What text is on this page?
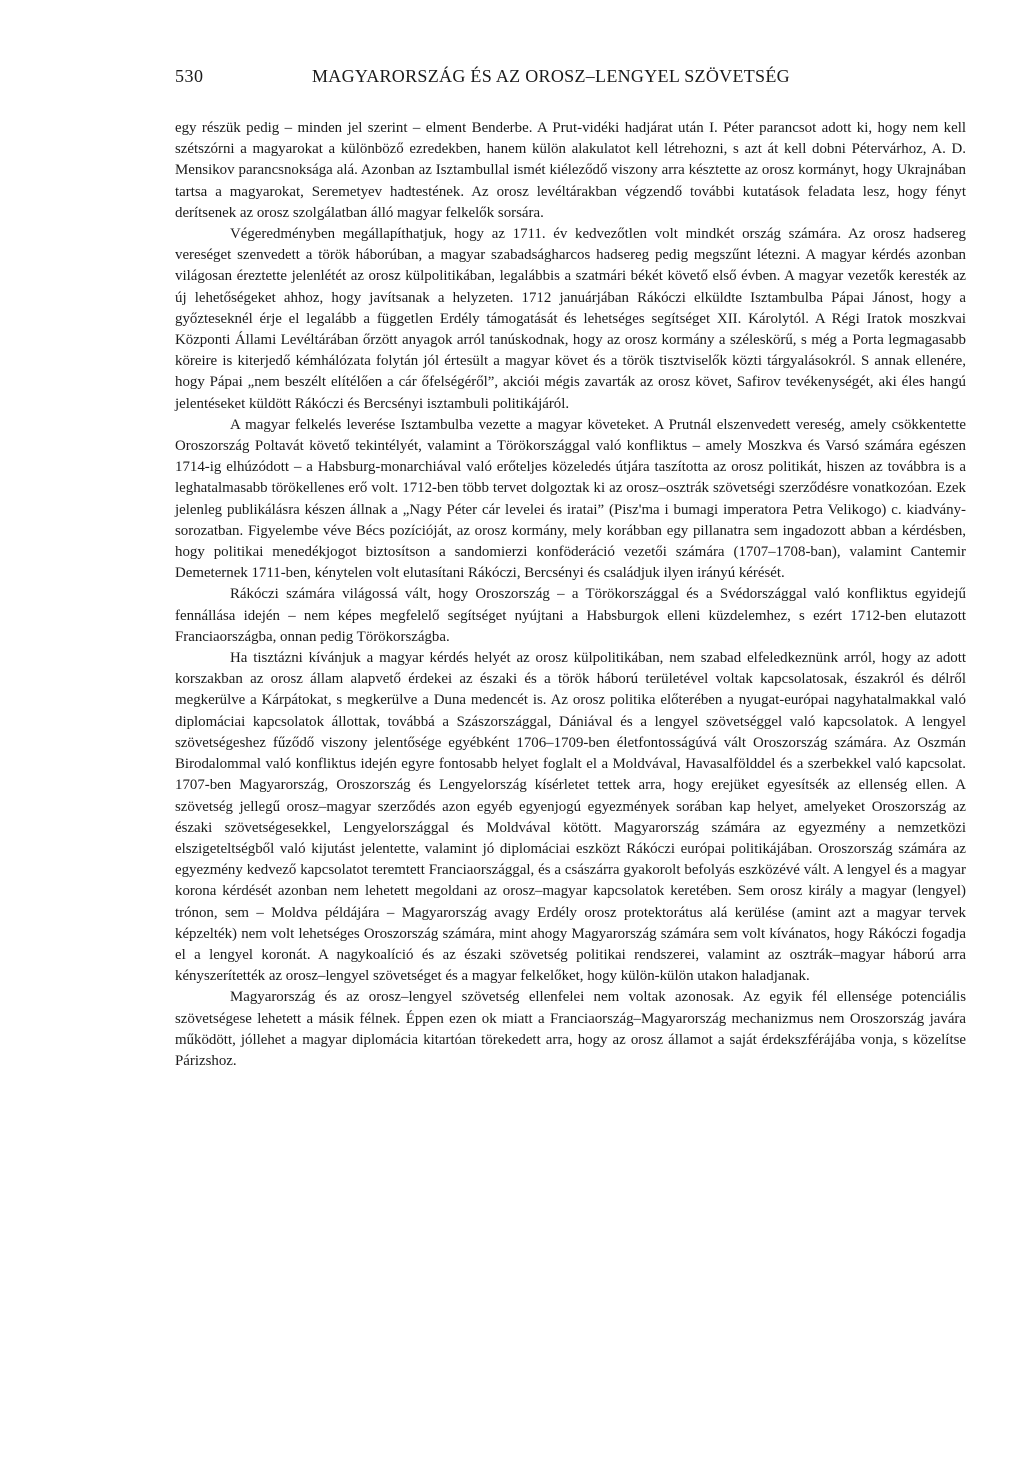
530	MAGYARORSZÁG ÉS AZ OROSZ–LENGYEL SZÖVETSÉG

egy részük pedig – minden jel szerint – elment Benderbe. A Prut-vidéki hadjárat után I. Péter parancsot adott ki, hogy nem kell szétszórni a magyarokat a különböző ezredekben, hanem külön alakulatot kell létrehozni, s azt át kell dobni Pétervárhoz, A. D. Mensikov parancsnoksága alá. Azonban az Isztambullal ismét kiéleződő viszony arra késztette az orosz kormányt, hogy Ukrajnában tartsa a magyarokat, Seremetyev hadtestének. Az orosz levéltárakban végzendő további kutatások feladata lesz, hogy fényt derítsenek az orosz szolgálatban álló magyar felkelők sorsára.

Végeredményben megállapíthatjuk, hogy az 1711. év kedvezőtlen volt mindkét ország számára. Az orosz hadsereg vereséget szenvedett a török háborúban, a magyar szabadságharcos hadsereg pedig megszűnt létezni. A magyar kérdés azonban világosan éreztette jelenlétét az orosz külpolitikában, legalábbis a szatmári békét követő első évben. A magyar vezetők keresték az új lehetőségeket ahhoz, hogy javítsanak a helyzeten. 1712 januárjában Rákóczi elküldte Isztambulba Pápai Jánost, hogy a győzteseknél érje el legalább a független Erdély támogatását és lehetséges segítséget XII. Károlytól. A Régi Iratok moszkvai Központi Állami Levéltárában őrzött anyagok arról tanúskodnak, hogy az orosz kormány a széleskörű, s még a Porta legmagasabb köreire is kiterjedő kémhálózata folytán jól értesült a magyar követ és a török tisztviselők közti tárgyalásokról. S annak ellenére, hogy Pápai „nem beszélt elítélően a cár őfelségéről”, akciói mégis zavarták az orosz követ, Safirov tevékenységét, aki éles hangú jelentéseket küldött Rákóczi és Bercsényi isztambuli politikájáról.

A magyar felkelés leverése Isztambulba vezette a magyar követeket. A Prutnál elszenvedett vereség, amely csökkentette Oroszország Poltavát követő tekintélyét, valamint a Törökországgal való konfliktus – amely Moszkva és Varsó számára egészen 1714-ig elhúzódott – a Habsburg-monarchiával való erőteljes közeledés útjára taszította az orosz politikát, hiszen az továbbra is a leghatalmasabb törökellenes erő volt. 1712-ben több tervet dolgoztak ki az orosz–osztrák szövetségi szerződésre vonatkozóan. Ezek jelenleg publikálásra készen állnak a „Nagy Péter cár levelei és iratai” (Pisz'ma i bumagi imperatora Petra Velikogo) c. kiadvány-sorozatban. Figyelembe véve Bécs pozícióját, az orosz kormány, mely korábban egy pillanatra sem ingadozott abban a kérdésben, hogy politikai menedékjogot biztosítson a sandomierzi konföderáció vezetői számára (1707–1708-ban), valamint Cantemir Demeternek 1711-ben, kénytelen volt elutasítani Rákóczi, Bercsényi és családjuk ilyen irányú kérését.

Rákóczi számára világossá vált, hogy Oroszország – a Törökországgal és a Svédországgal való konfliktus egyidejű fennállása idején – nem képes megfelelő segítséget nyújtani a Habsburgok elleni küzdelemhez, s ezért 1712-ben elutazott Franciaországba, onnan pedig Törökországba.

Ha tisztázni kívánjuk a magyar kérdés helyét az orosz külpolitikában, nem szabad elfeledkeznünk arról, hogy az adott korszakban az orosz állam alapvető érdekei az északi és a török háború területével voltak kapcsolatosak, északról és délről megkerülve a Kárpátokat, s megkerülve a Duna medencét is. Az orosz politika előterében a nyugat-európai nagyhatalmakkal való diplomáciai kapcsolatok állottak, továbbá a Szászországgal, Dániával és a lengyel szövetséggel való kapcsolatok. A lengyel szövetségeshez fűződő viszony jelentősége egyébként 1706–1709-ben életfontosságúvá vált Oroszország számára. Az Oszmán Birodalommal való konfliktus idején egyre fontosabb helyet foglalt el a Moldvával, Havasalfölddel és a szerbekkel való kapcsolat. 1707-ben Magyarország, Oroszország és Lengyelország kísérletet tettek arra, hogy erejüket egyesítsék az ellenség ellen. A szövetség jellegű orosz–magyar szerződés azon egyéb egyenjogú egyezmények sorában kap helyet, amelyeket Oroszország az északi szövetségesekkel, Lengyelországgal és Moldvával kötött. Magyarország számára az egyezmény a nemzetközi elszigeteltségből való kijutást jelentette, valamint jó diplomáciai eszközt Rákóczi európai politikájában. Oroszország számára az egyezmény kedvező kapcsolatot teremtett Franciaországgal, és a császárra gyakorolt befolyás eszközévé vált. A lengyel és a magyar korona kérdését azonban nem lehetett megoldani az orosz–magyar kapcsolatok keretében. Sem orosz király a magyar (lengyel) trónon, sem – Moldva példájára – Magyarország avagy Erdély orosz protektorátus alá kerülése (amint azt a magyar tervek képzelték) nem volt lehetséges Oroszország számára, mint ahogy Magyarország számára sem volt kívánatos, hogy Rákóczi fogadja el a lengyel koronát. A nagykoalíció és az északi szövetség politikai rendszerei, valamint az osztrák–magyar háború arra kényszerítették az orosz–lengyel szövetséget és a magyar felkelőket, hogy külön-külön utakon haladjanak.

Magyarország és az orosz–lengyel szövetség ellenfelei nem voltak azonosak. Az egyik fél ellensége potenciális szövetségese lehetett a másik félnek. Éppen ezen ok miatt a Franciaország–Magyarország mechanizmus nem Oroszország javára működött, jóllehet a magyar diplomácia kitartóan törekedett arra, hogy az orosz államot a saját érdekszférájába vonja, s közelítse Párizshoz.
